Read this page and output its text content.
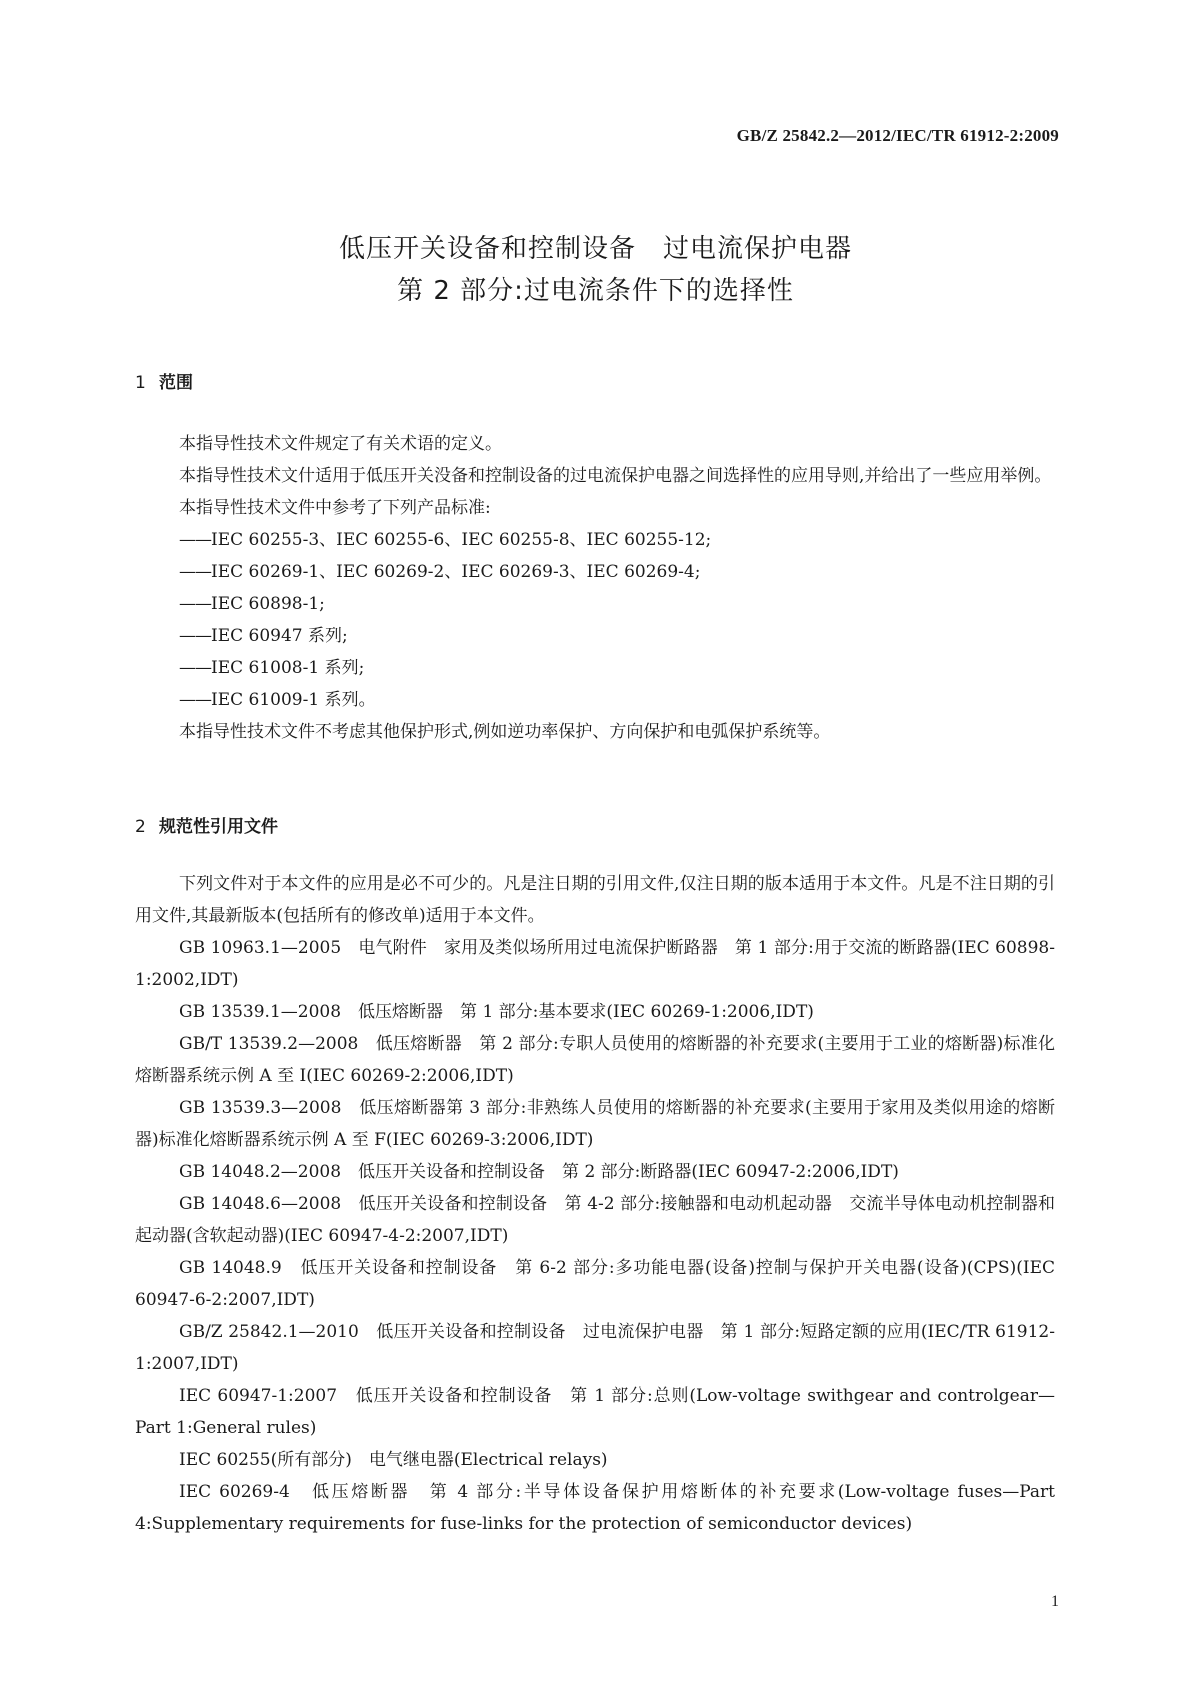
GB/Z 25842.2—2012/IEC/TR 61912-2:2009
低压开关设备和控制设备　过电流保护电器
第 2 部分:过电流条件下的选择性
1 范围

本指导性技术文件规定了有关术语的定义。

本指导性技术文什适用于低压开关没备和控制设备的过电流保护电器之间选择性的应用导则,并给出了一些应用举例。

本指导性技术文件中参考了下列产品标准:

——IEC 60255-3、IEC 60255-6、IEC 60255-8、IEC 60255-12;

——IEC 60269-1、IEC 60269-2、IEC 60269-3、IEC 60269-4;

——IEC 60898-1;

——IEC 60947 系列;

——IEC 61008-1 系列;

——IEC 61009-1 系列。

本指导性技术文件不考虑其他保护形式,例如逆功率保护、方向保护和电弧保护系统等。

2 规范性引用文件

下列文件对于本文件的应用是必不可少的。凡是注日期的引用文件,仅注日期的版本适用于本文件。凡是不注日期的引用文件,其最新版本(包括所有的修改单)适用于本文件。

GB 10963.1—2005　电气附件　家用及类似场所用过电流保护断路器　第 1 部分:用于交流的断路器(IEC 60898-1:2002,IDT)

GB 13539.1—2008　低压熔断器　第 1 部分:基本要求(IEC 60269-1:2006,IDT)

GB/T 13539.2—2008　低压熔断器　第 2 部分:专职人员使用的熔断器的补充要求(主要用于工业的熔断器)标准化熔断器系统示例 A 至 I(IEC 60269-2:2006,IDT)

GB 13539.3—2008　低压熔断器第 3 部分:非熟练人员使用的熔断器的补充要求(主要用于家用及类似用途的熔断器)标准化熔断器系统示例 A 至 F(IEC 60269-3:2006,IDT)

GB 14048.2—2008　低压开关设备和控制设备　第 2 部分:断路器(IEC 60947-2:2006,IDT)

GB 14048.6—2008　低压开关设备和控制设备　第 4-2 部分:接触器和电动机起动器　交流半导体电动机控制器和起动器(含软起动器)(IEC 60947-4-2:2007,IDT)

GB 14048.9　低压开关设备和控制设备　第 6-2 部分:多功能电器(设备)控制与保护开关电器(设备)(CPS)(IEC 60947-6-2:2007,IDT)

GB/Z 25842.1—2010　低压开关设备和控制设备　过电流保护电器　第 1 部分:短路定额的应用(IEC/TR 61912-1:2007,IDT)

IEC 60947-1:2007　低压开关设备和控制设备　第 1 部分:总则(Low-voltage swithgear and controlgear—Part 1:General rules)

IEC 60255(所有部分)　电气继电器(Electrical relays)

IEC 60269-4　低压熔断器　第 4 部分:半导体设备保护用熔断体的补充要求(Low-voltage fuses—Part 4:Supplementary requirements for fuse-links for the protection of semiconductor devices)

1
